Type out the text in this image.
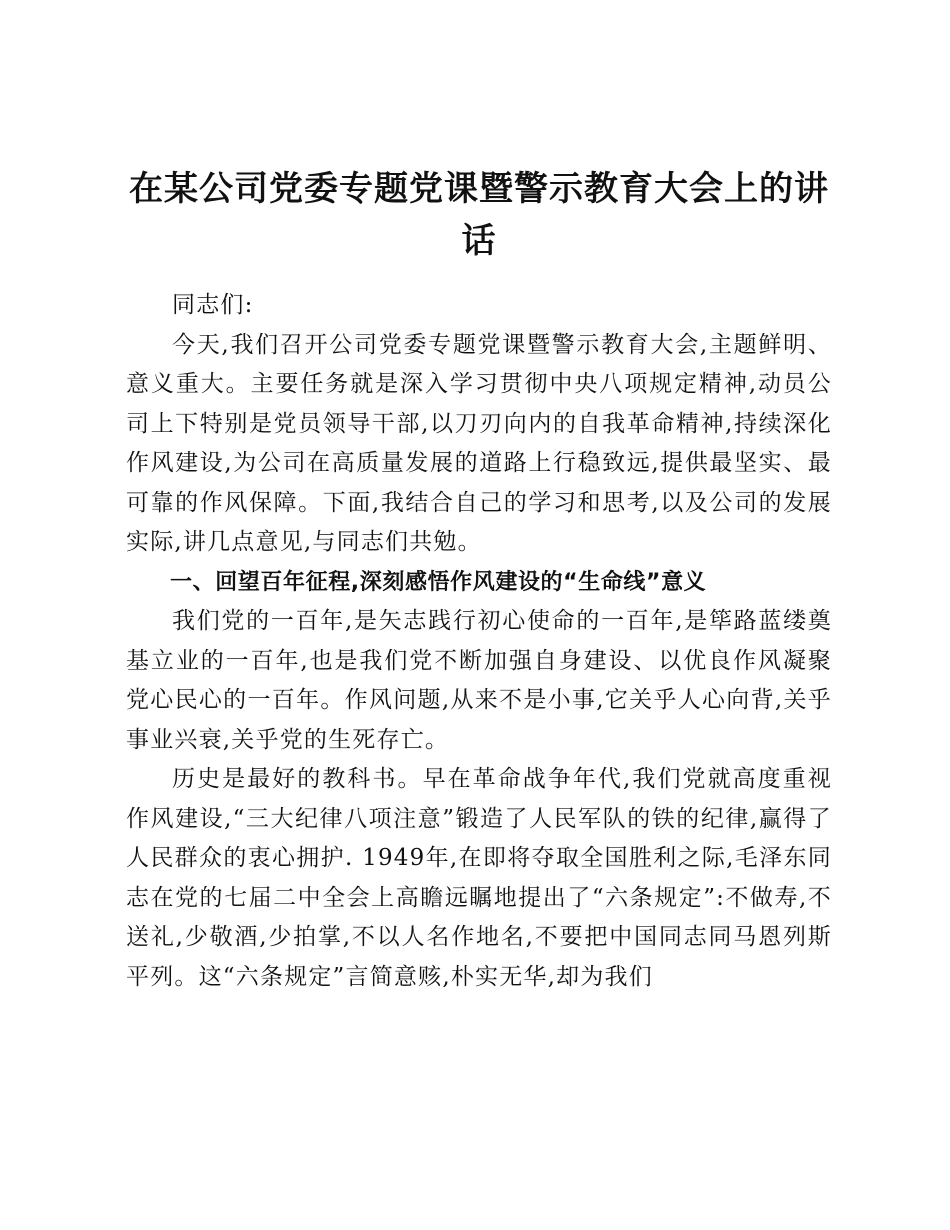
在某公司党委专题党课暨警示教育大会上的讲话

同志们:

今天,我们召开公司党委专题党课暨警示教育大会,主题鲜明、意义重大。主要任务就是深入学习贯彻中央八项规定精神,动员公司上下特别是党员领导干部,以刀刃向内的自我革命精神,持续深化作风建设,为公司在高质量发展的道路上行稳致远,提供最坚实、最可靠的作风保障。下面,我结合自己的学习和思考,以及公司的发展实际,讲几点意见,与同志们共勉。

一、回望百年征程,深刻感悟作风建设的“生命线”意义

我们党的一百年,是矢志践行初心使命的一百年,是筚路蓝缕奠基立业的一百年,也是我们党不断加强自身建设、以优良作风凝聚党心民心的一百年。作风问题,从来不是小事,它关乎人心向背,关乎事业兴衰,关乎党的生死存亡。

历史是最好的教科书。早在革命战争年代,我们党就高度重视作风建设,“三大纪律八项注意”锻造了人民军队的铁的纪律,赢得了人民群众的衷心拥护. 1949年,在即将夺取全国胜利之际,毛泽东同志在党的七届二中全会上高瞻远瞩地提出了“六条规定”:不做寿,不送礼,少敬酒,少拍掌,不以人名作地名,不要把中国同志同马恩列斯平列。这“六条规定”言简意赅,朴实无华,却为我们
